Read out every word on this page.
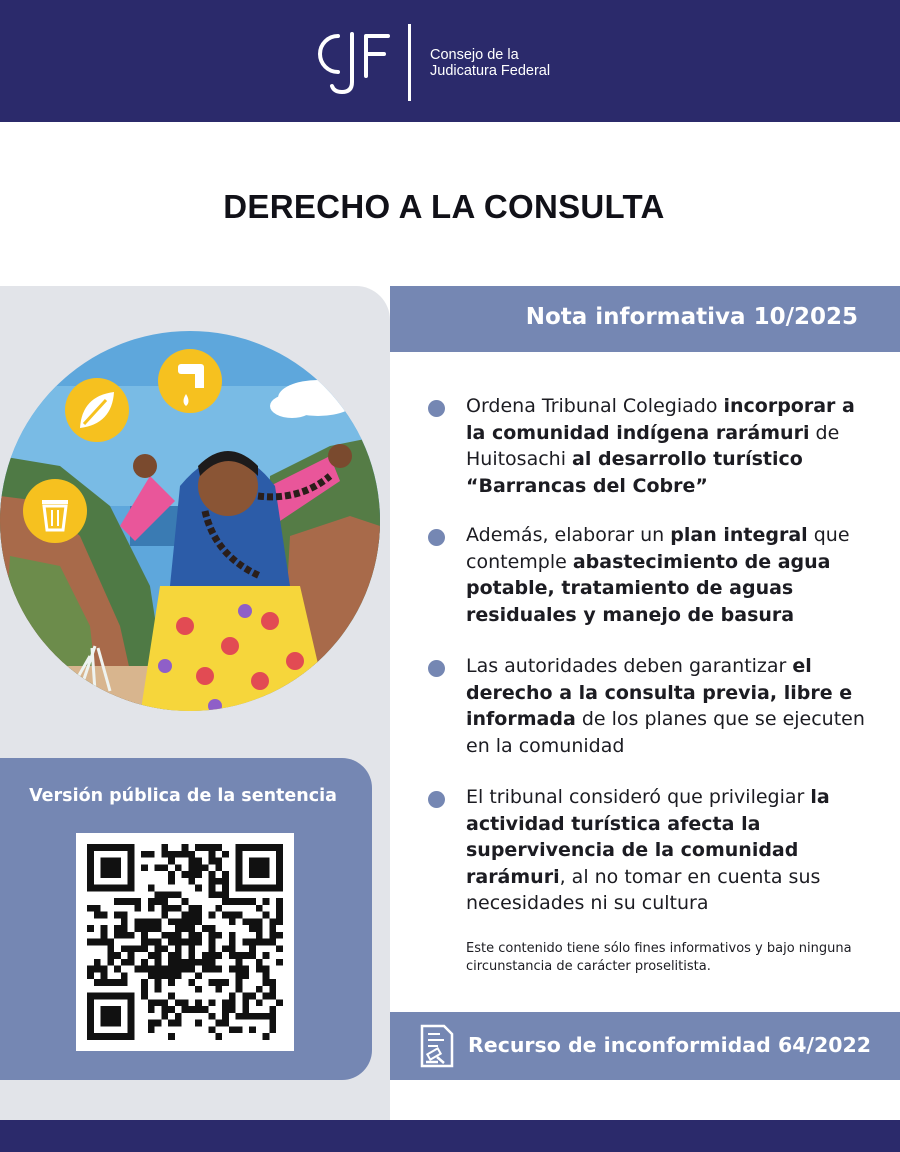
Consejo de la
Judicatura Federal
DERECHO A LA CONSULTA
Versión pública de la sentencia
Nota informativa 10/2025
Ordena Tribunal Colegiado incorporar a la comunidad indígena rarámuri de Huitosachi al desarrollo turístico “Barrancas del Cobre”
Además, elaborar un plan integral que contemple abastecimiento de agua potable, tratamiento de aguas residuales y manejo de basura
Las autoridades deben garantizar el derecho a la consulta previa, libre e informada de los planes que se ejecuten en la comunidad
El tribunal consideró que privilegiar la actividad turística afecta la supervivencia de la comunidad rarámuri, al no tomar en cuenta sus necesidades ni su cultura
Este contenido tiene sólo fines informativos y bajo ninguna circunstancia de carácter proselitista.
Recurso de inconformidad 64/2022
